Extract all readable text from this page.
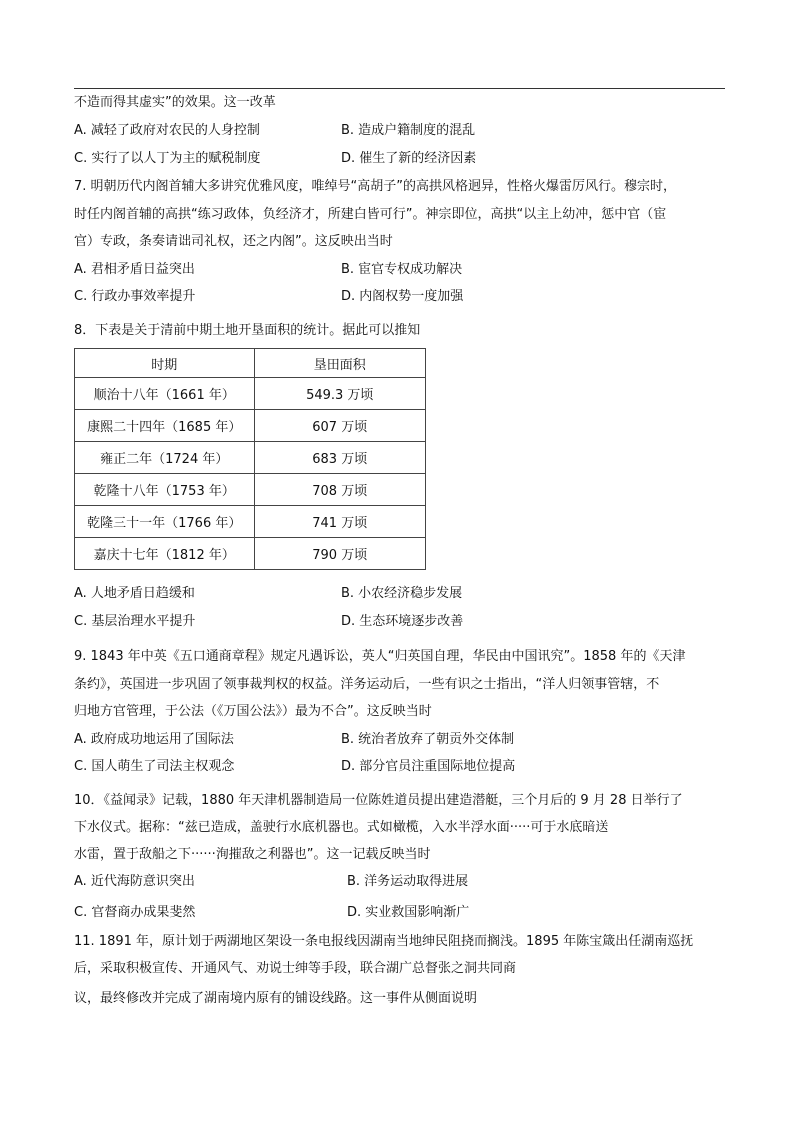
不造而得其虚实”的效果。这一改革
A. 减轻了政府对农民的人身控制	B. 造成户籍制度的混乱
C. 实行了以人丁为主的赋税制度	D. 催生了新的经济因素
7. 明朝历代内阁首辅大多讲究优雅风度，唯绰号“高胡子”的高拱风格迥异，性格火爆雷厉风行。穆宗时，
时任内阁首辅的高拱“练习政体，负经济才，所建白皆可行”。神宗即位，高拱“以主上幼冲，惩中官（宦
官）专政，条奏请诎司礼权，还之内阁”。这反映出当时
A. 君相矛盾日益突出	B. 宦官专权成功解决
C. 行政办事效率提升	D. 内阁权势一度加强
8．下表是关于清前中期土地开垦面积的统计。据此可以推知
时期	垦田面积
顺治十八年（1661 年）	549.3 万顷
康熙二十四年（1685 年）	607 万顷
雍正二年（1724 年）	683 万顷
乾隆十八年（1753 年）	708 万顷
乾隆三十一年（1766 年）	741 万顷
嘉庆十七年（1812 年）	790 万顷
A. 人地矛盾日趋缓和	B. 小农经济稳步发展
C. 基层治理水平提升	D. 生态环境逐步改善
9. 1843 年中英《五口通商章程》规定凡遇诉讼，英人“归英国自理，华民由中国讯究”。1858 年的《天津
条约》，英国进一步巩固了领事裁判权的权益。洋务运动后，一些有识之士指出，“洋人归领事管辖，不
归地方官管理，于公法（《万国公法》）最为不合”。这反映当时
A. 政府成功地运用了国际法	B. 统治者放弃了朝贡外交体制
C. 国人萌生了司法主权观念	D. 部分官员注重国际地位提高
10．《益闻录》记载，1880 年天津机器制造局一位陈姓道员提出建造潜艇，三个月后的 9 月 28 日举行了
下水仪式。据称：“兹已造成，盖驶行水底机器也。式如橄榄，入水半浮水面·····可于水底暗送
水雷，置于敌船之下······洵摧敌之利器也”。这一记载反映当时
A. 近代海防意识突出	B. 洋务运动取得进展
C. 官督商办成果斐然	D. 实业救国影响渐广
11. 1891 年，原计划于两湖地区架设一条电报线因湖南当地绅民阻挠而搁浅。1895 年陈宝箴出任湖南巡抚
后，采取积极宣传、开通风气、劝说士绅等手段，联合湖广总督张之洞共同商
议，最终修改并完成了湖南境内原有的铺设线路。这一事件从侧面说明
